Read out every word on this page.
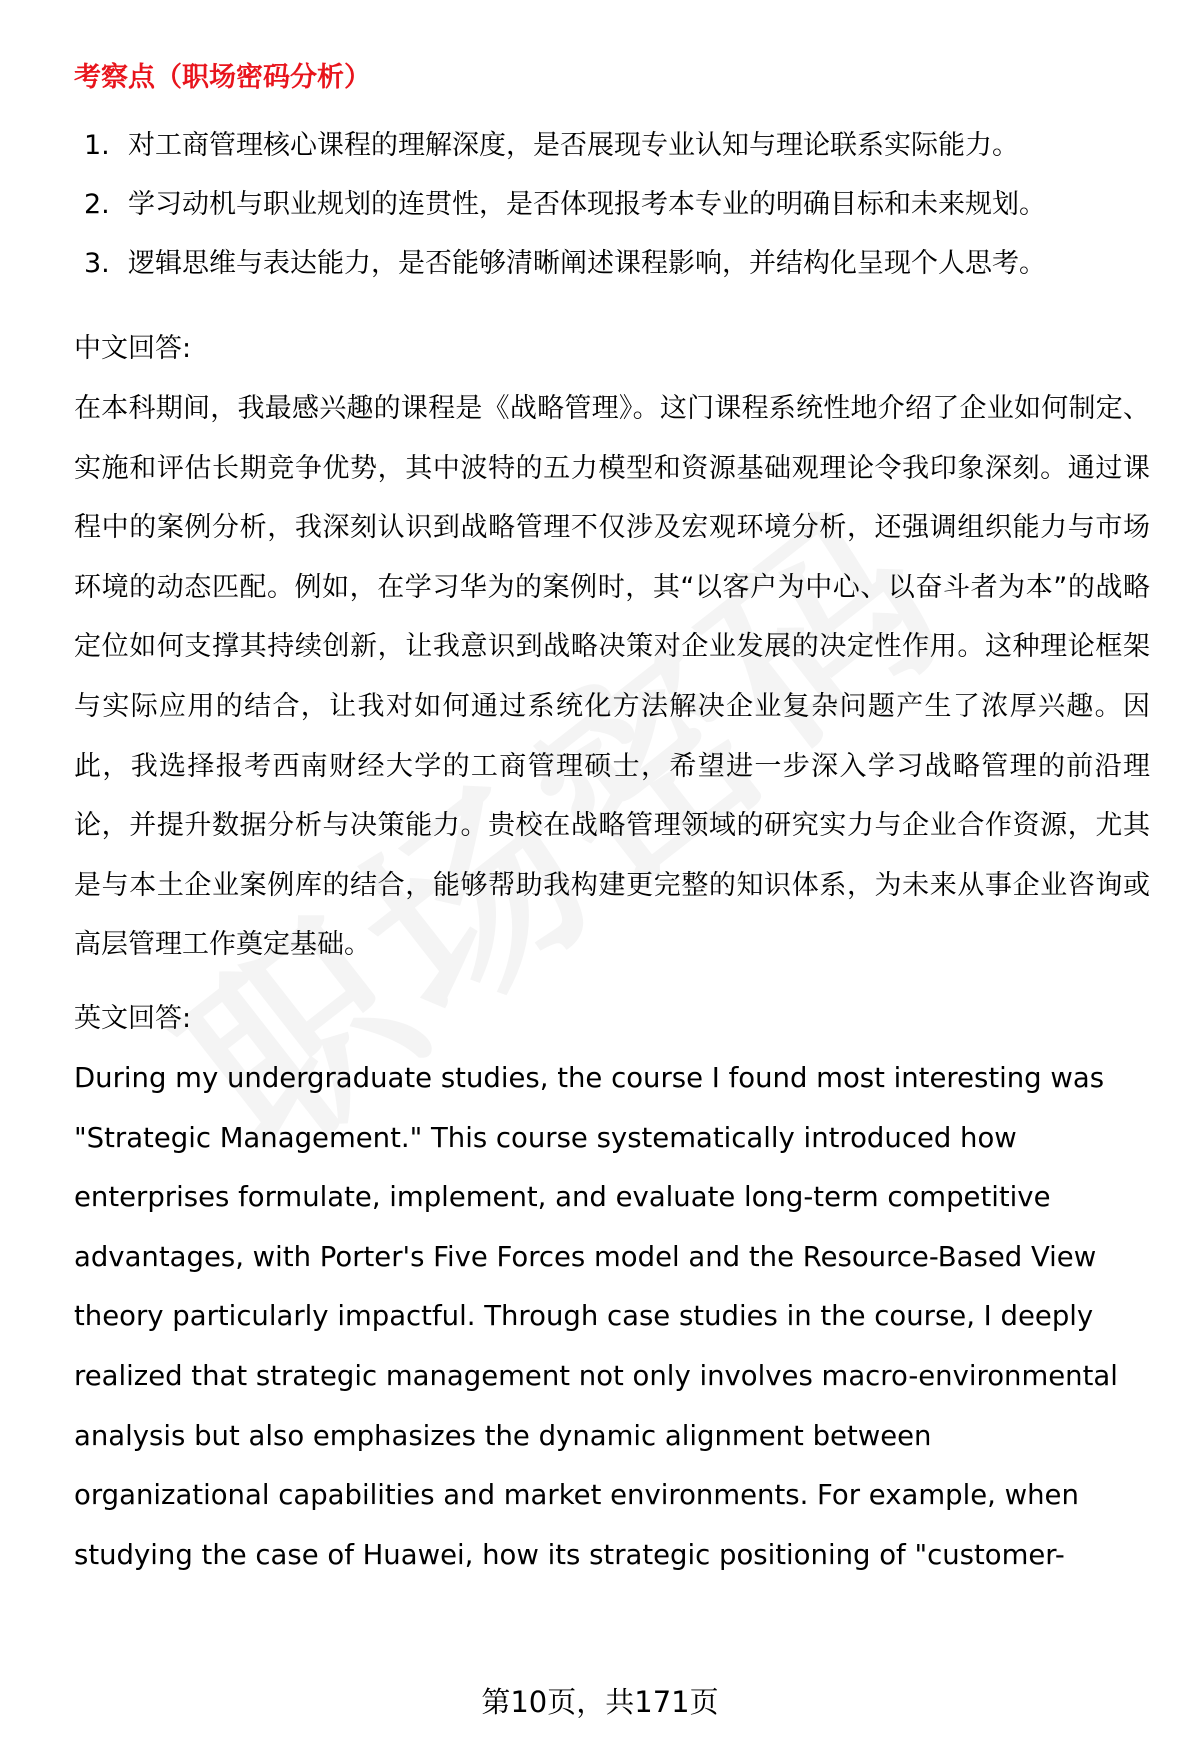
考察点（职场密码分析）
1. 对工商管理核心课程的理解深度，是否展现专业认知与理论联系实际能力。
2. 学习动机与职业规划的连贯性，是否体现报考本专业的明确目标和未来规划。
3. 逻辑思维与表达能力，是否能够清晰阐述课程影响，并结构化呈现个人思考。
中文回答:
在本科期间，我最感兴趣的课程是《战略管理》。这门课程系统性地介绍了企业如何制定、实施和评估长期竞争优势，其中波特的五力模型和资源基础观理论令我印象深刻。通过课程中的案例分析，我深刻认识到战略管理不仅涉及宏观环境分析，还强调组织能力与市场环境的动态匹配。例如，在学习华为的案例时，其“以客户为中心、以奋斗者为本”的战略定位如何支撑其持续创新，让我意识到战略决策对企业发展的决定性作用。这种理论框架与实际应用的结合，让我对如何通过系统化方法解决企业复杂问题产生了浓厚兴趣。因此，我选择报考西南财经大学的工商管理硕士，希望进一步深入学习战略管理的前沿理论，并提升数据分析与决策能力。贵校在战略管理领域的研究实力与企业合作资源，尤其是与本土企业案例库的结合，能够帮助我构建更完整的知识体系，为未来从事企业咨询或高层管理工作奠定基础。
英文回答:
During my undergraduate studies, the course I found most interesting was
"Strategic Management." This course systematically introduced how
enterprises formulate, implement, and evaluate long-term competitive
advantages, with Porter's Five Forces model and the Resource-Based View
theory particularly impactful. Through case studies in the course, I deeply
realized that strategic management not only involves macro-environmental
analysis but also emphasizes the dynamic alignment between
organizational capabilities and market environments. For example, when
studying the case of Huawei, how its strategic positioning of "customer-
第10页，共171页
